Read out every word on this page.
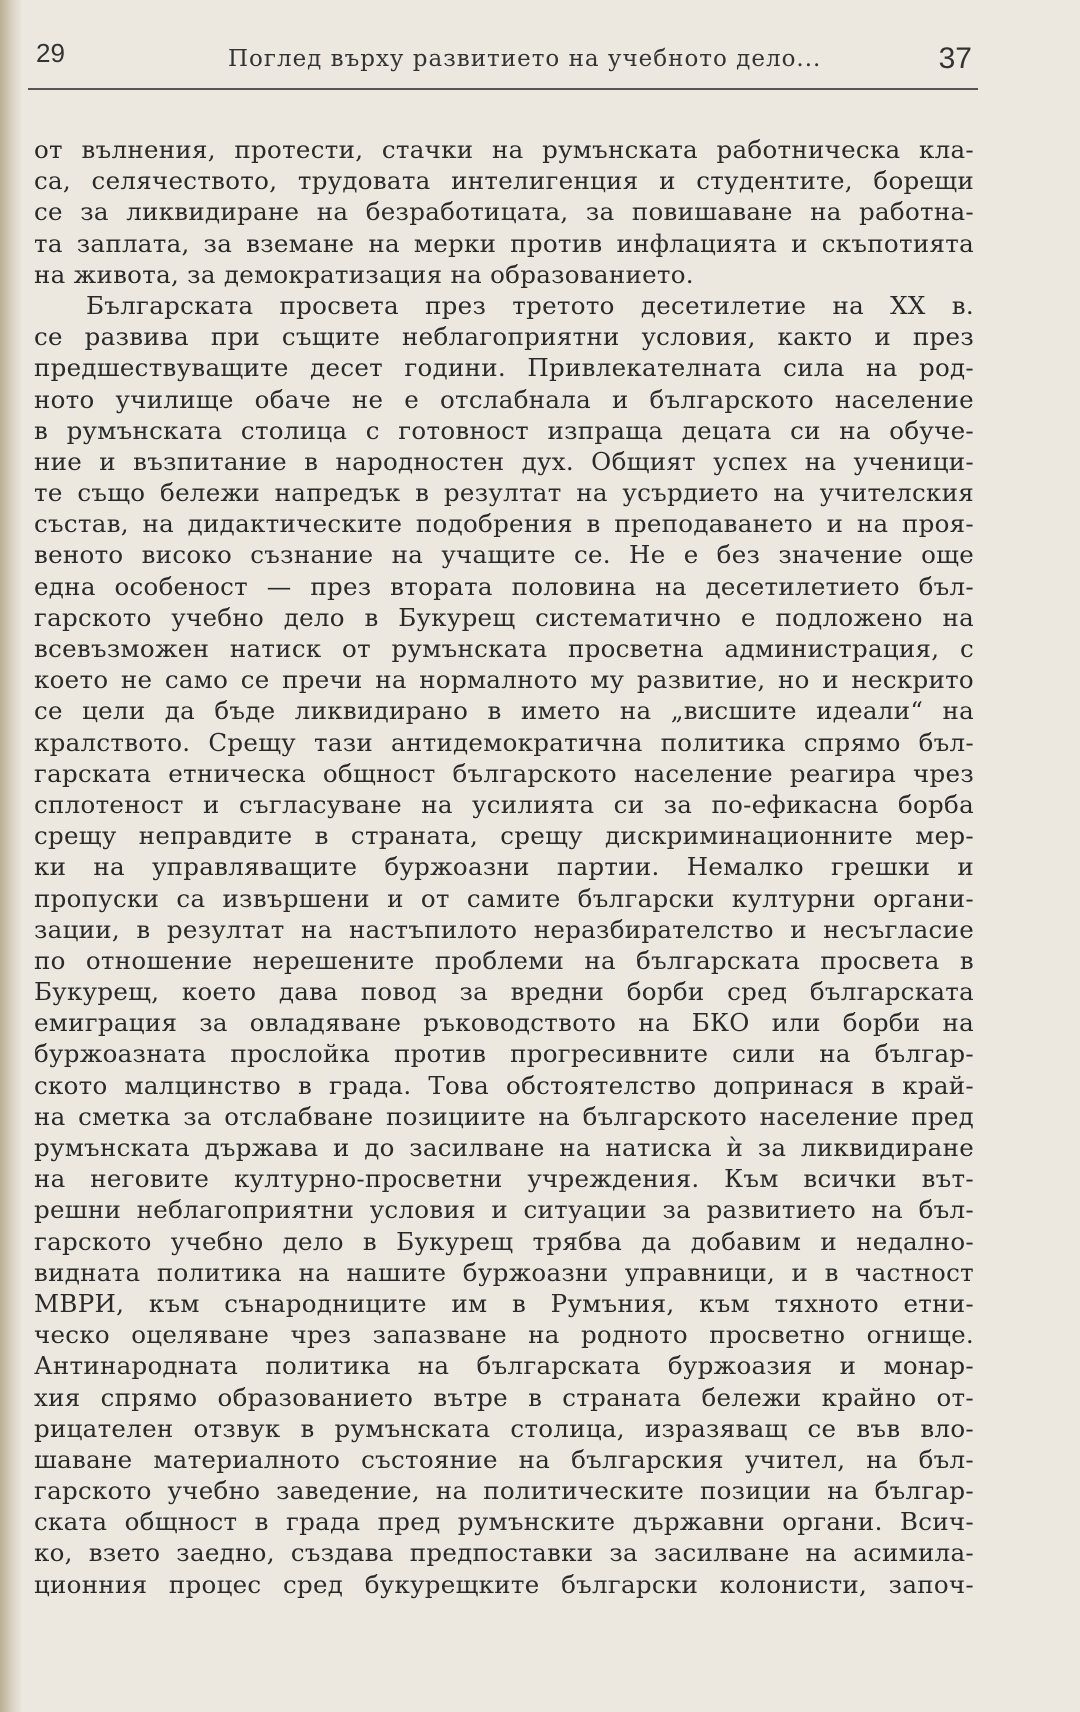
29	Поглед върху развитието на учебното дело...	37
от вълнения, протести, стачки на румънската работническа кла-
са, селячеството, трудовата интелигенция и студентите, борещи
се за ликвидиране на безработицата, за повишаване на работна-
та заплата, за вземане на мерки против инфлацията и скъпотията
на живота, за демократизация на образованието.
Българската просвета през третото десетилетие на XX в.
се развива при същите неблагоприятни условия, както и през
предшествуващите десет години. Привлекателната сила на род-
ното училище обаче не е отслабнала и българското население
в румънската столица с готовност изпраща децата си на обуче-
ние и възпитание в народностен дух. Общият успех на ученици-
те също бележи напредък в резултат на усърдието на учителския
състав, на дидактическите подобрения в преподаването и на проя-
веното високо съзнание на учащите се. Не е без значение още
една особеност — през втората половина на десетилетието бъл-
гарското учебно дело в Букурещ систематично е подложено на
всевъзможен натиск от румънската просветна администрация, с
което не само се пречи на нормалното му развитие, но и нескрито
се цели да бъде ликвидирано в името на „висшите идеали“ на
кралството. Срещу тази антидемократична политика спрямо бъл-
гарската етническа общност българското население реагира чрез
сплотеност и съгласуване на усилията си за по-ефикасна борба
срещу неправдите в страната, срещу дискриминационните мер-
ки на управляващите буржоазни партии. Немалко грешки и
пропуски са извършени и от самите български културни органи-
зации, в резултат на настъпилото неразбирателство и несъгласие
по отношение нерешените проблеми на българската просвета в
Букурещ, което дава повод за вредни борби сред българската
емиграция за овладяване ръководството на БКО или борби на
буржоазната прослойка против прогресивните сили на българ-
ското малцинство в града. Това обстоятелство допринася в край-
на сметка за отслабване позициите на българското население пред
румънската държава и до засилване на натиска ѝ за ликвидиране
на неговите културно-просветни учреждения. Към всички вът-
решни неблагоприятни условия и ситуации за развитието на бъл-
гарското учебно дело в Букурещ трябва да добавим и недално-
видната политика на нашите буржоазни управници, и в частност
МВРИ, към сънародниците им в Румъния, към тяхното етни-
ческо оцеляване чрез запазване на родното просветно огнище.
Антинародната политика на българската буржоазия и монар-
хия спрямо образованието вътре в страната бележи крайно от-
рицателен отзвук в румънската столица, изразяващ се във вло-
шаване материалното състояние на българския учител, на бъл-
гарското учебно заведение, на политическите позиции на българ-
ската общност в града пред румънските държавни органи. Всич-
ко, взето заедно, създава предпоставки за засилване на асимила-
ционния процес сред букурещките български колонисти, започ-
